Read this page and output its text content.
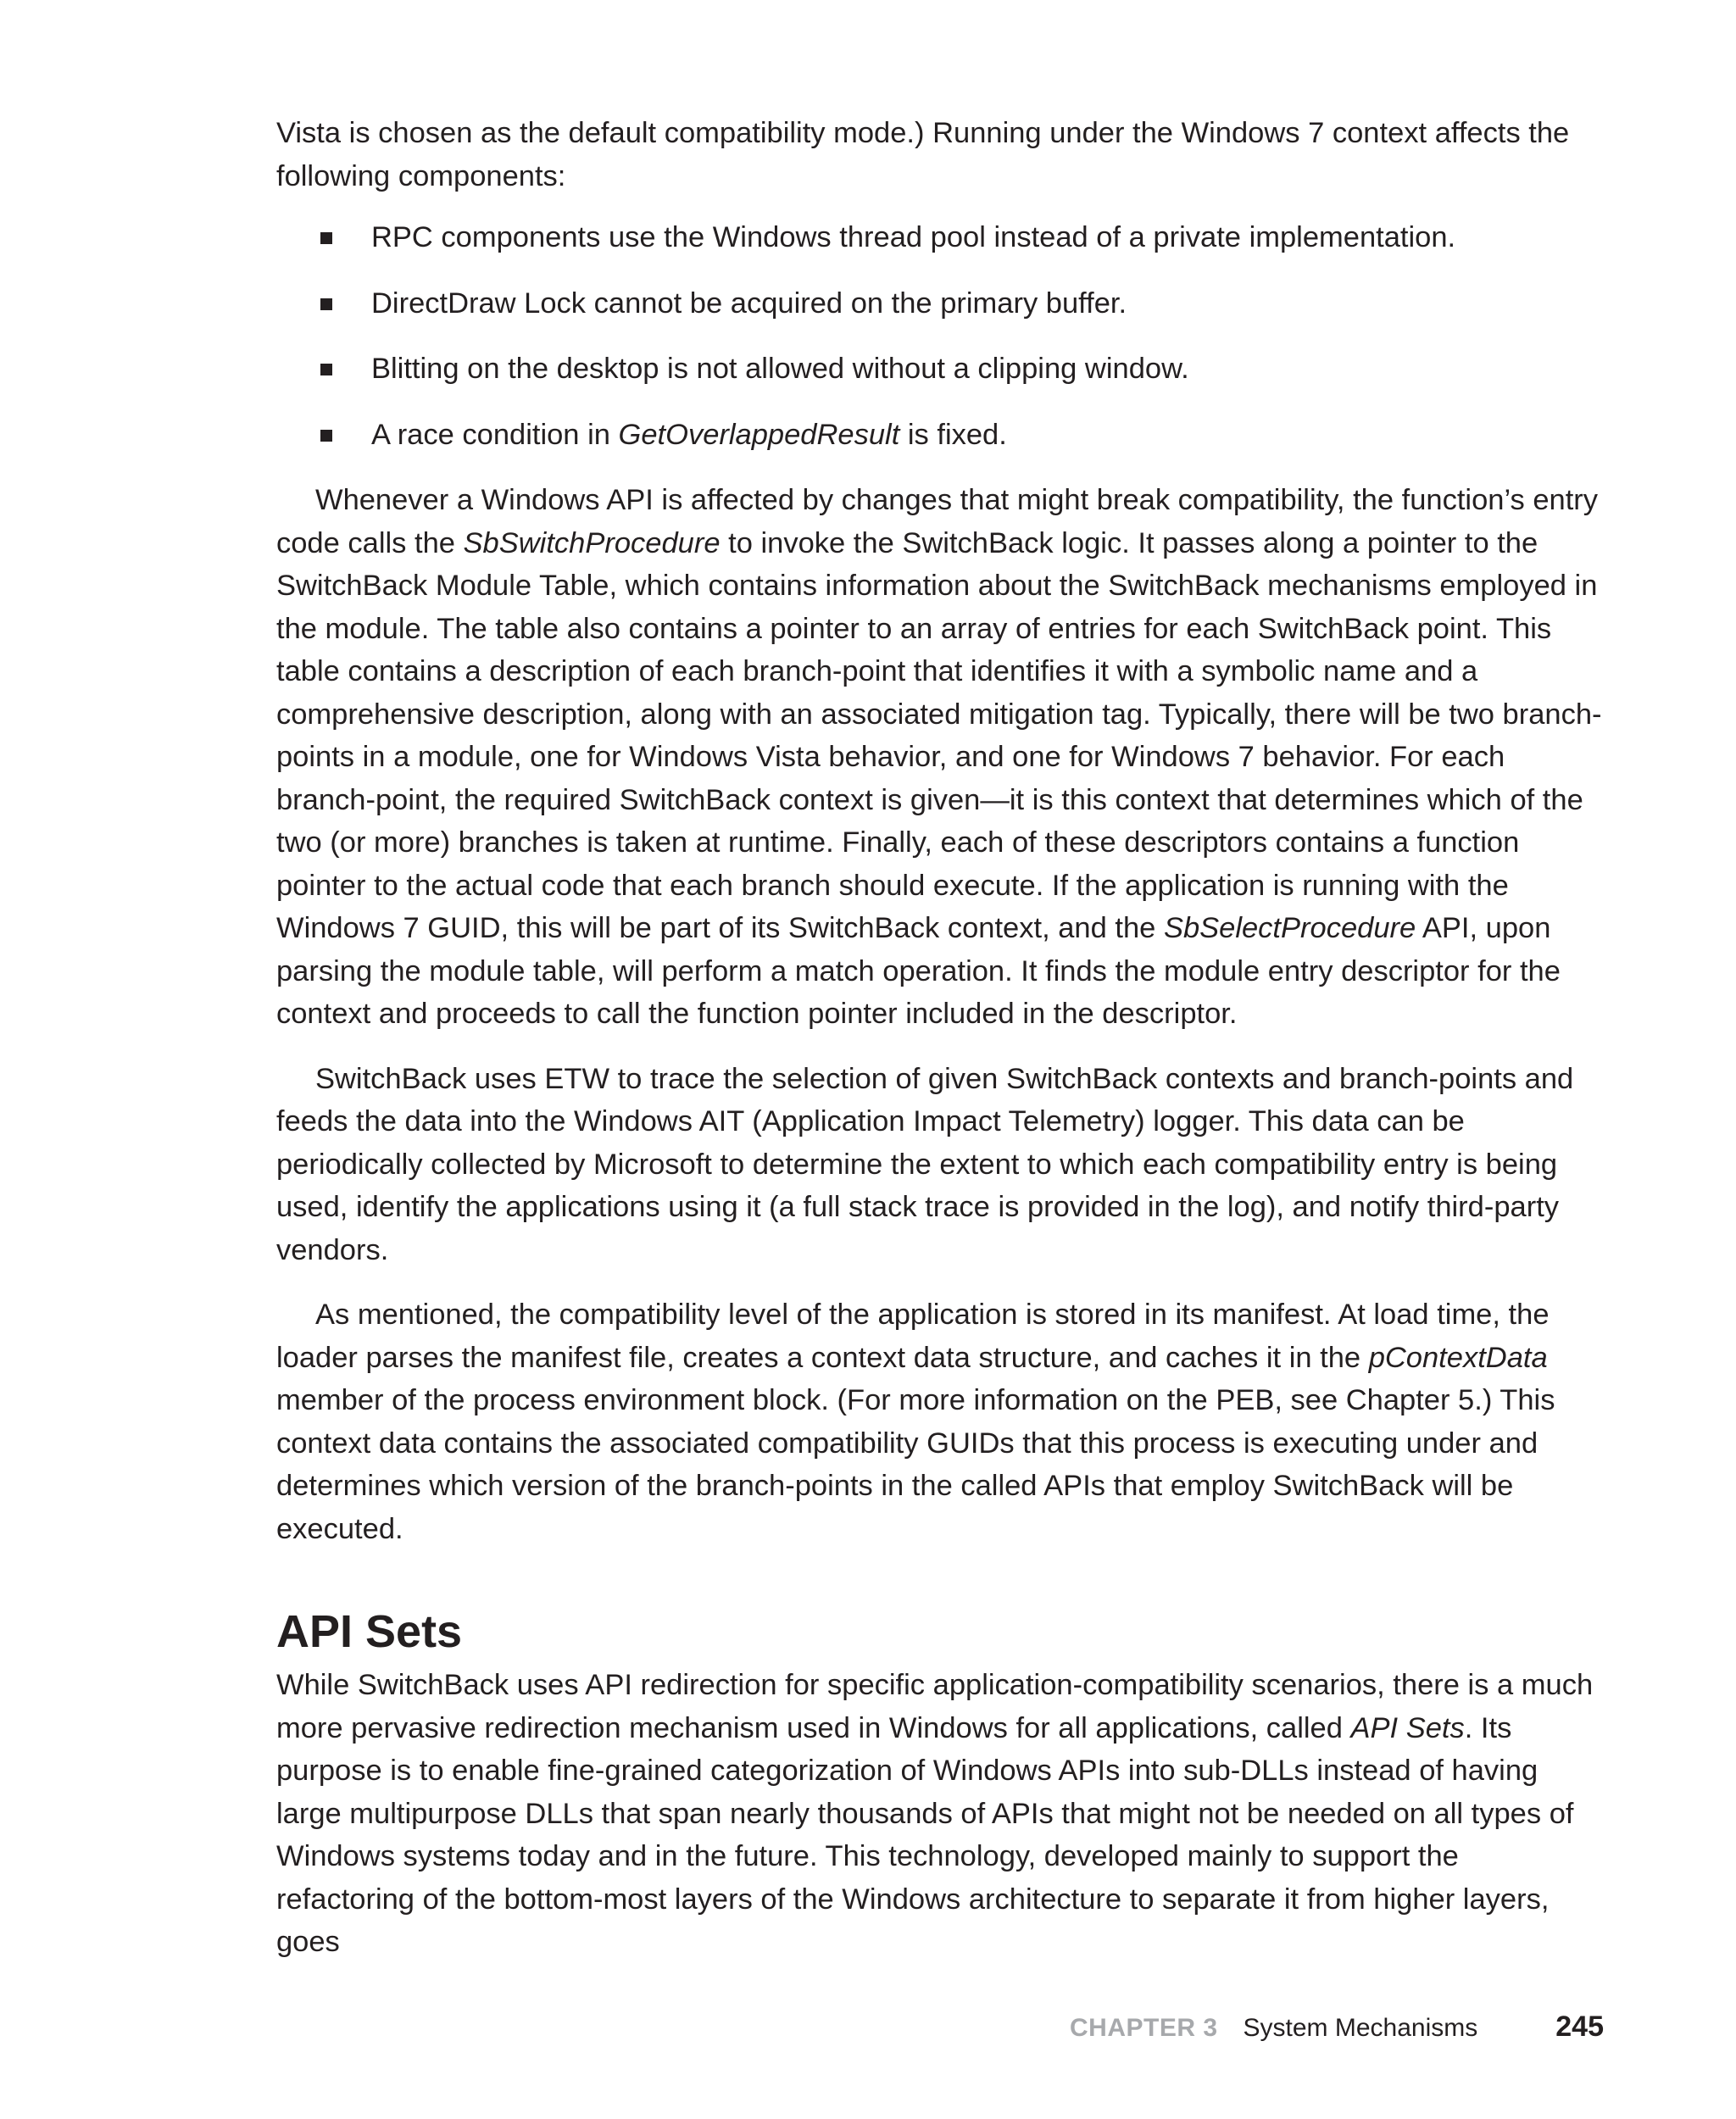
Vista is chosen as the default compatibility mode.) Running under the Windows 7 context affects the following components:

RPC components use the Windows thread pool instead of a private implementation.
DirectDraw Lock cannot be acquired on the primary buffer.
Blitting on the desktop is not allowed without a clipping window.
A race condition in GetOverlappedResult is fixed.

Whenever a Windows API is affected by changes that might break compatibility, the function’s entry code calls the SbSwitchProcedure to invoke the SwitchBack logic. It passes along a pointer to the SwitchBack Module Table, which contains information about the SwitchBack mechanisms employed in the module. The table also contains a pointer to an array of entries for each SwitchBack point. This table contains a description of each branch-point that identifies it with a symbolic name and a comprehensive description, along with an associated mitigation tag. Typically, there will be two branch-points in a module, one for Windows Vista behavior, and one for Windows 7 behavior. For each branch-point, the required SwitchBack context is given—it is this context that determines which of the two (or more) branches is taken at runtime. Finally, each of these descriptors contains a function pointer to the actual code that each branch should execute. If the application is running with the Windows 7 GUID, this will be part of its SwitchBack context, and the SbSelectProcedure API, upon parsing the module table, will perform a match operation. It finds the module entry descriptor for the context and proceeds to call the function pointer included in the descriptor.

SwitchBack uses ETW to trace the selection of given SwitchBack contexts and branch-points and feeds the data into the Windows AIT (Application Impact Telemetry) logger. This data can be periodically collected by Microsoft to determine the extent to which each compatibility entry is being used, identify the applications using it (a full stack trace is provided in the log), and notify third-party vendors.

As mentioned, the compatibility level of the application is stored in its manifest. At load time, the loader parses the manifest file, creates a context data structure, and caches it in the pContextData member of the process environment block. (For more information on the PEB, see Chapter 5.) This context data contains the associated compatibility GUIDs that this process is executing under and determines which version of the branch-points in the called APIs that employ SwitchBack will be executed.

API Sets

While SwitchBack uses API redirection for specific application-compatibility scenarios, there is a much more pervasive redirection mechanism used in Windows for all applications, called API Sets. Its purpose is to enable fine-grained categorization of Windows APIs into sub-DLLs instead of having large multipurpose DLLs that span nearly thousands of APIs that might not be needed on all types of Windows systems today and in the future. This technology, developed mainly to support the refactoring of the bottom-most layers of the Windows architecture to separate it from higher layers, goes

CHAPTER 3 System Mechanisms	245
